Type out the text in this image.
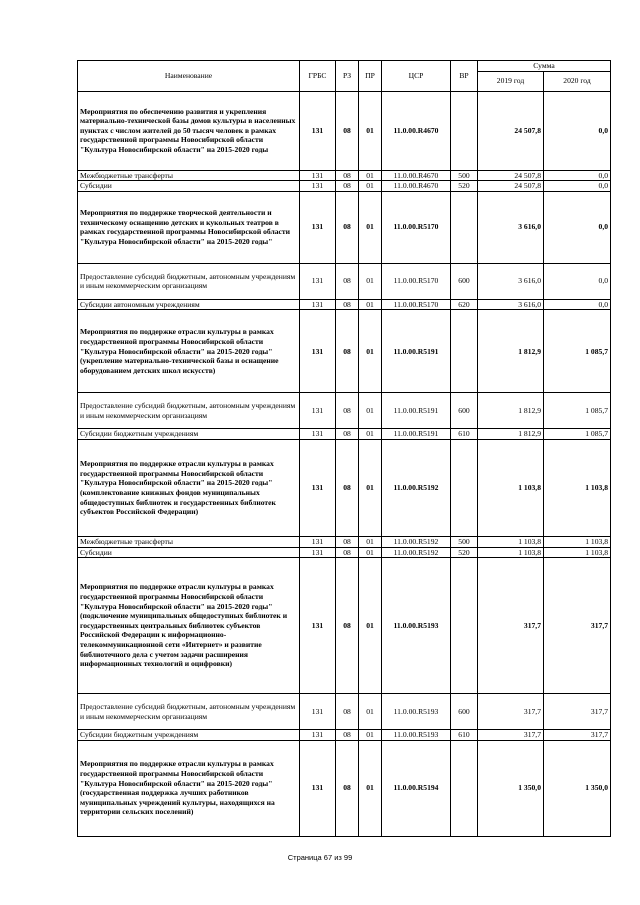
Наименование	ГРБС	РЗ	ПР	ЦСР	ВР	Сумма	
						2019 год	2020 год
Мероприятия по обеспечению развития и укрепления материально-технической базы домов культуры в населенных пунктах с числом жителей до 50 тысяч человек в рамках государственной программы Новосибирской области "Культура Новосибирской области" на 2015-2020 годы	131	08	01	11.0.00.R4670		24 507,8	0,0
Межбюджетные трансферты	131	08	01	11.0.00.R4670	500	24 507,8	0,0
Субсидии	131	08	01	11.0.00.R4670	520	24 507,8	0,0
Мероприятия по поддержке творческой деятельности и техническому оснащению детских и кукольных театров в рамках государственной программы Новосибирской области "Культура Новосибирской области" на 2015-2020 годы"	131	08	01	11.0.00.R5170		3 616,0	0,0
Предоставление субсидий бюджетным, автономным учреждениям и иным некоммерческим организациям	131	08	01	11.0.00.R5170	600	3 616,0	0,0
Субсидии автономным учреждениям	131	08	01	11.0.00.R5170	620	3 616,0	0,0
Мероприятия по поддержке отрасли культуры в рамках государственной программы Новосибирской области "Культура Новосибирской области" на 2015-2020 годы" (укрепление материально-технической базы и оснащение оборудованием детских школ искусств)	131	08	01	11.0.00.R5191		1 812,9	1 085,7
Предоставление субсидий бюджетным, автономным учреждениям и иным некоммерческим организациям	131	08	01	11.0.00.R5191	600	1 812,9	1 085,7
Субсидии бюджетным учреждениям	131	08	01	11.0.00.R5191	610	1 812,9	1 085,7
Мероприятия по поддержке отрасли культуры в рамках государственной программы Новосибирской области "Культура Новосибирской области" на 2015-2020 годы" (комплектование книжных фондов муниципальных общедоступных библиотек и государственных библиотек субъектов Российской Федерации)	131	08	01	11.0.00.R5192		1 103,8	1 103,8
Межбюджетные трансферты	131	08	01	11.0.00.R5192	500	1 103,8	1 103,8
Субсидии	131	08	01	11.0.00.R5192	520	1 103,8	1 103,8
Мероприятия по поддержке отрасли культуры в рамках государственной программы Новосибирской области "Культура Новосибирской области" на 2015-2020 годы" (подключение муниципальных общедоступных библиотек и государственных центральных библиотек субъектов Российской Федерации к информационно-телекоммуникационной сети «Интернет» и развитие библиотечного дела с учетом задачи расширения информационных технологий и оцифровки)	131	08	01	11.0.00.R5193		317,7	317,7
Предоставление субсидий бюджетным, автономным учреждениям и иным некоммерческим организациям	131	08	01	11.0.00.R5193	600	317,7	317,7
Субсидии бюджетным учреждениям	131	08	01	11.0.00.R5193	610	317,7	317,7
Мероприятия по поддержке отрасли культуры в рамках государственной программы Новосибирской области "Культура Новосибирской области" на 2015-2020 годы" (государственная поддержка лучших работников муниципальных учреждений культуры, находящихся на территории сельских поселений)	131	08	01	11.0.00.R5194		1 350,0	1 350,0
Страница 67 из 99
